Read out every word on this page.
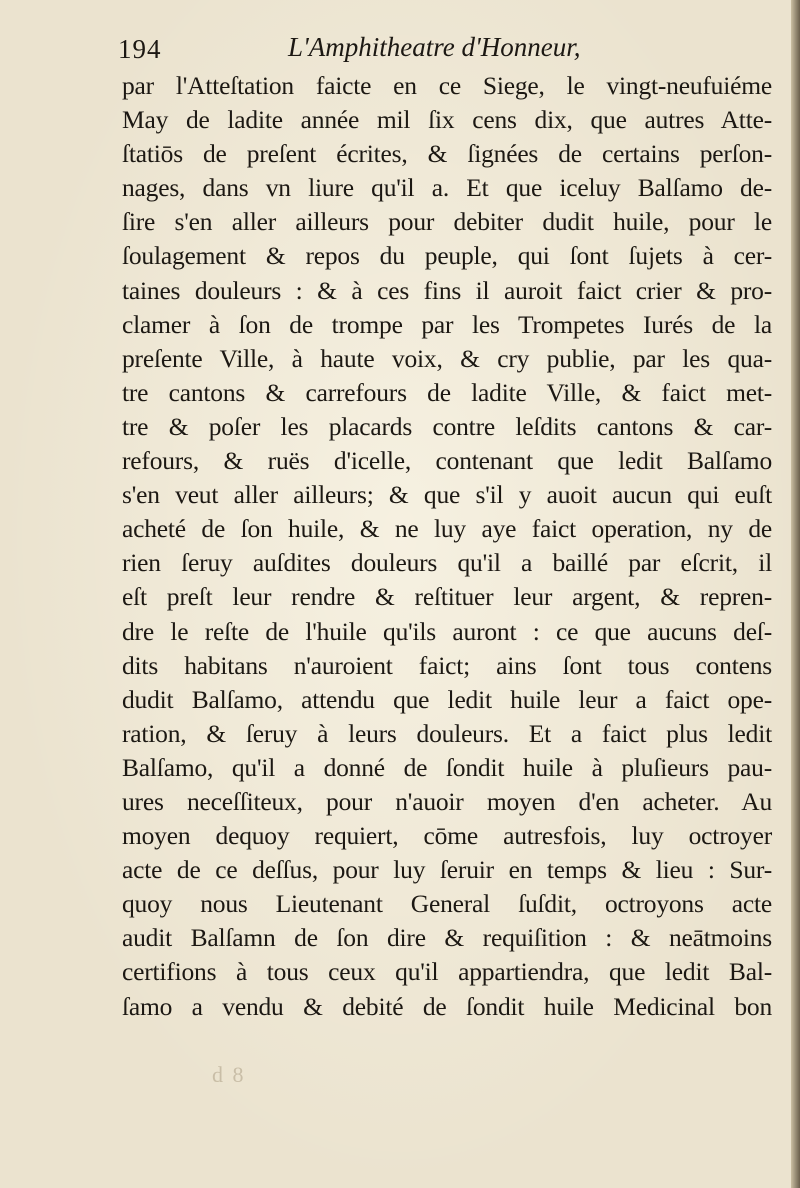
194	L'Amphitheatre d'Honneur,
par l'Atteſtation faicte en ce Siege, le vingt-neufuiéme
May de ladite année mil ſix cens dix, que autres Atte-
ſtatiōs de preſent écrites, & ſignées de certains perſon-
nages, dans vn liure qu'il a. Et que iceluy Balſamo de-
ſire s'en aller ailleurs pour debiter dudit huile, pour le
ſoulagement & repos du peuple, qui ſont ſujets à cer-
taines douleurs : & à ces fins il auroit faict crier & pro-
clamer à ſon de trompe par les Trompetes Iurés de la
preſente Ville, à haute voix, & cry publie, par les qua-
tre cantons & carrefours de ladite Ville, & faict met-
tre & poſer les placards contre leſdits cantons & car-
refours, & ruës d'icelle, contenant que ledit Balſamo
s'en veut aller ailleurs; & que s'il y auoit aucun qui euſt
acheté de ſon huile, & ne luy aye faict operation, ny de
rien ſeruy auſdites douleurs qu'il a baillé par eſcrit, il
eſt preſt leur rendre & reſtituer leur argent, & repren-
dre le reſte de l'huile qu'ils auront : ce que aucuns deſ-
dits habitans n'auroient faict; ains ſont tous contens
dudit Balſamo, attendu que ledit huile leur a faict ope-
ration, & ſeruy à leurs douleurs. Et a faict plus ledit
Balſamo, qu'il a donné de ſondit huile à pluſieurs pau-
ures neceſſiteux, pour n'auoir moyen d'en acheter. Au
moyen dequoy requiert, cōme autresfois, luy octroyer
acte de ce deſſus, pour luy ſeruir en temps & lieu : Sur-
quoy nous Lieutenant General ſuſdit, octroyons acte
audit Balſamn de ſon dire & requiſition : & neātmoins
certifions à tous ceux qu'il appartiendra, que ledit Bal-
ſamo a vendu & debité de ſondit huile Medicinal bon
d 8
